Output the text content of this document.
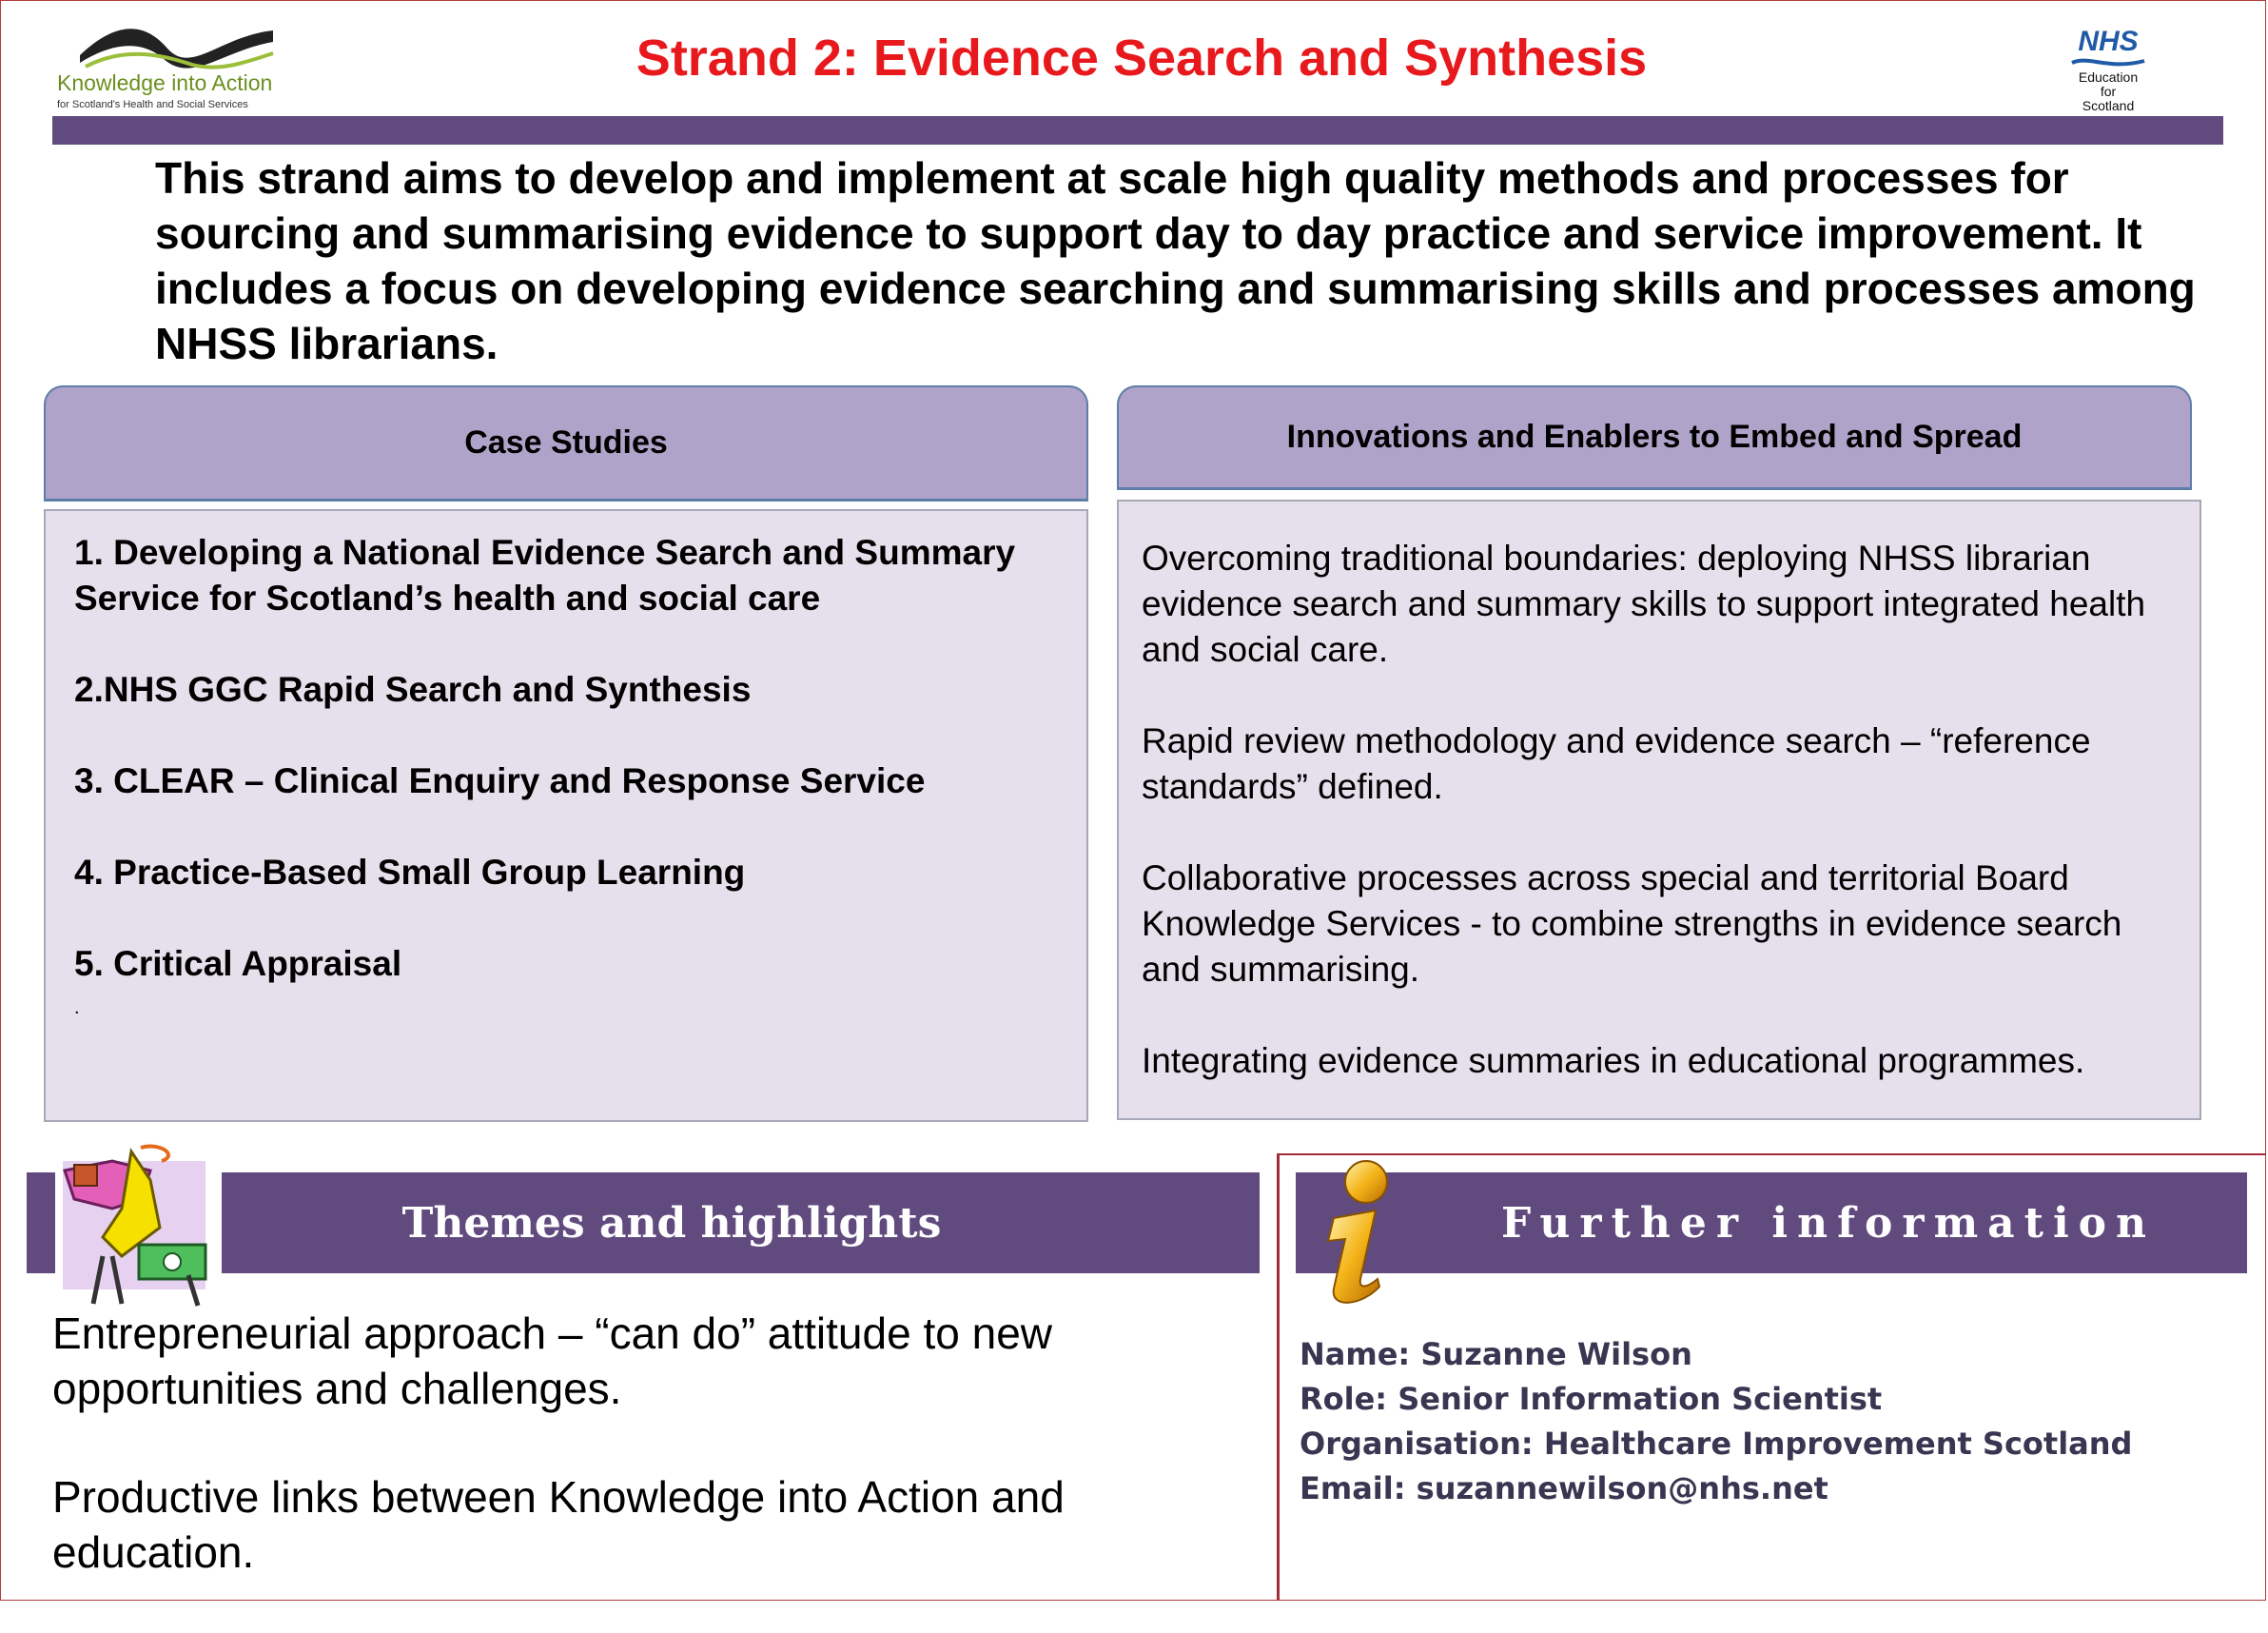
Knowledge into Action
for Scotland's Health and Social Services
Strand 2: Evidence Search and Synthesis	NHS
Education
for
Scotland
This strand aims to develop and implement at scale high quality methods and processes for sourcing and summarising evidence to support day to day practice and service improvement. It includes a focus on developing evidence searching and summarising skills and processes among NHSS librarians.
Case Studies
1. Developing a National Evidence Search and Summary Service for Scotland’s health and social care
2.NHS GGC Rapid Search and Synthesis
3. CLEAR – Clinical Enquiry and Response Service
4. Practice-Based Small Group Learning
5. Critical Appraisal
.
Innovations and Enablers to Embed and Spread
Overcoming traditional boundaries: deploying NHSS librarian evidence search and summary skills to support integrated health and social care.
Rapid review methodology and evidence search – “reference standards” defined.
Collaborative processes across special and territorial Board Knowledge Services - to combine strengths in evidence search and summarising.
Integrating evidence summaries in educational programmes.
Themes and highlights

Entrepreneurial approach – “can do” attitude to new opportunities and challenges.

Productive links between Knowledge into Action and education.

Further information
Name: Suzanne Wilson
Role: Senior Information Scientist
Organisation: Healthcare Improvement Scotland
Email: suzannewilson@nhs.net
